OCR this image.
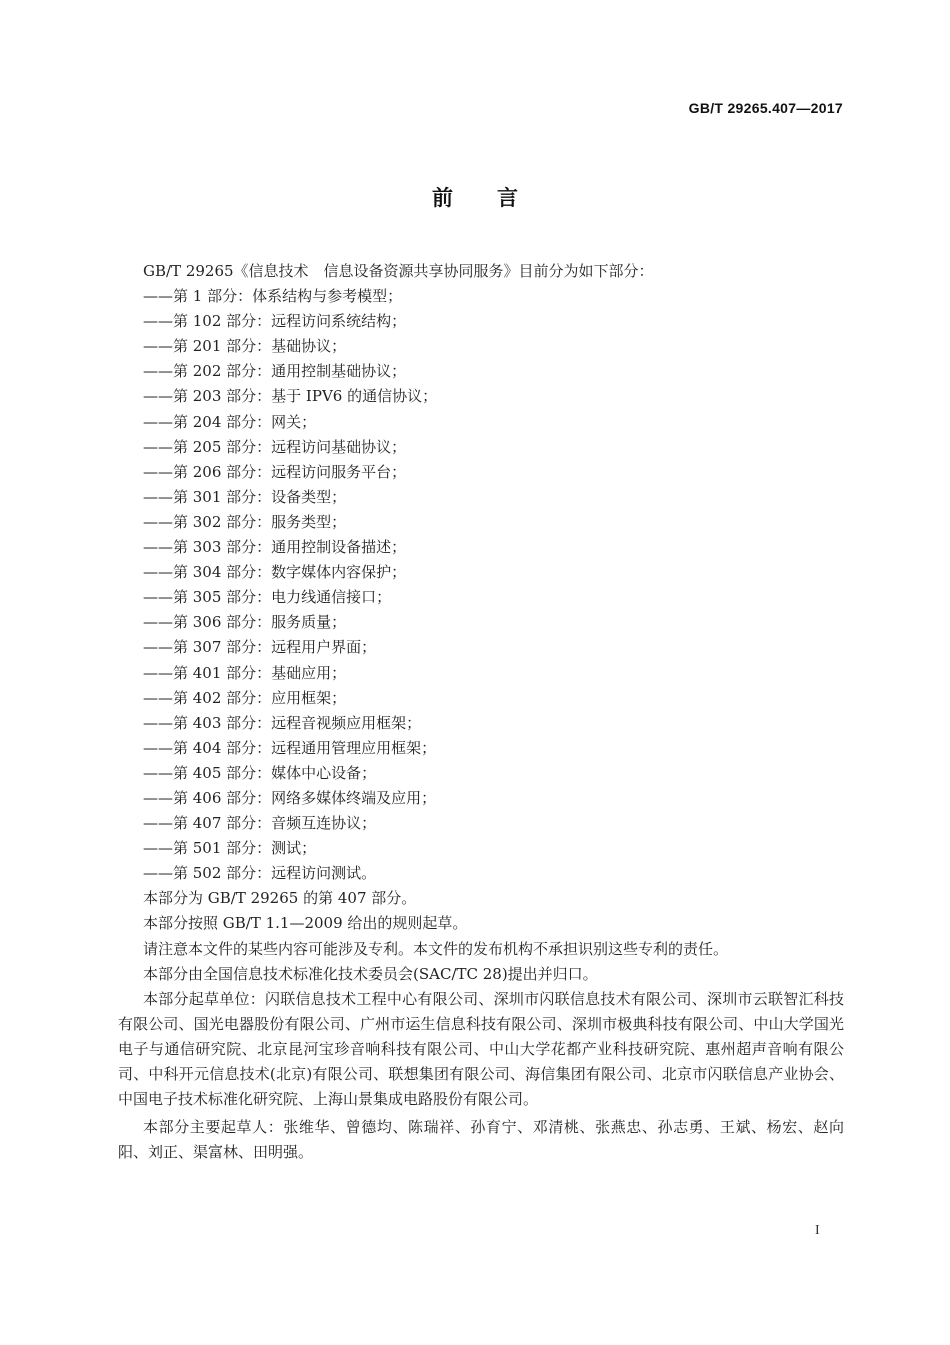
GB/T 29265.407—2017
前言

GB/T 29265《信息技术　信息设备资源共享协同服务》目前分为如下部分：

——第 1 部分：体系结构与参考模型；

——第 102 部分：远程访问系统结构；

——第 201 部分：基础协议；

——第 202 部分：通用控制基础协议；

——第 203 部分：基于 IPV6 的通信协议；

——第 204 部分：网关；

——第 205 部分：远程访问基础协议；

——第 206 部分：远程访问服务平台；

——第 301 部分：设备类型；

——第 302 部分：服务类型；

——第 303 部分：通用控制设备描述；

——第 304 部分：数字媒体内容保护；

——第 305 部分：电力线通信接口；

——第 306 部分：服务质量；

——第 307 部分：远程用户界面；

——第 401 部分：基础应用；

——第 402 部分：应用框架；

——第 403 部分：远程音视频应用框架；

——第 404 部分：远程通用管理应用框架；

——第 405 部分：媒体中心设备；

——第 406 部分：网络多媒体终端及应用；

——第 407 部分：音频互连协议；

——第 501 部分：测试；

——第 502 部分：远程访问测试。

本部分为 GB/T 29265 的第 407 部分。

本部分按照 GB/T 1.1—2009 给出的规则起草。

请注意本文件的某些内容可能涉及专利。本文件的发布机构不承担识别这些专利的责任。

本部分由全国信息技术标准化技术委员会(SAC/TC 28)提出并归口。

本部分起草单位：闪联信息技术工程中心有限公司、深圳市闪联信息技术有限公司、深圳市云联智汇科技有限公司、国光电器股份有限公司、广州市运生信息科技有限公司、深圳市极典科技有限公司、中山大学国光电子与通信研究院、北京昆河宝珍音响科技有限公司、中山大学花都产业科技研究院、惠州超声音响有限公司、中科开元信息技术(北京)有限公司、联想集团有限公司、海信集团有限公司、北京市闪联信息产业协会、中国电子技术标准化研究院、上海山景集成电路股份有限公司。

本部分主要起草人：张维华、曾德均、陈瑞祥、孙育宁、邓清桃、张燕忠、孙志勇、王斌、杨宏、赵向阳、刘正、渠富林、田明强。

I
